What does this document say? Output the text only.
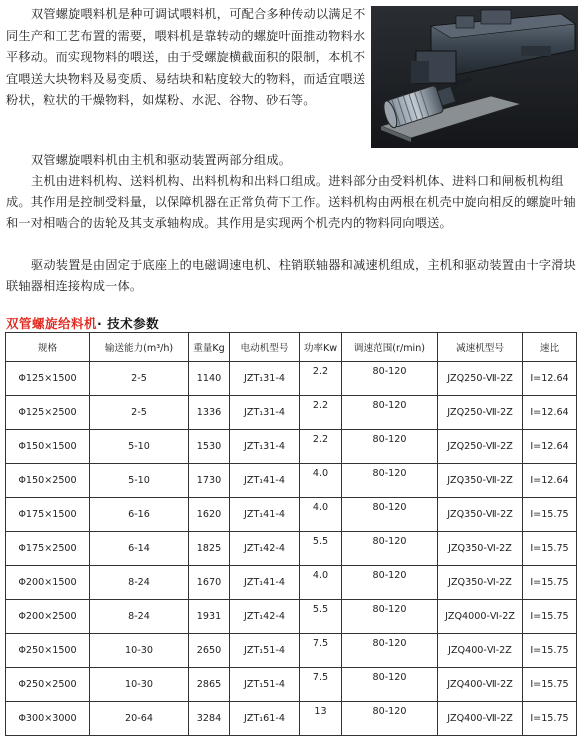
双管螺旋喂料机是种可调试喂料机，可配合多种传动以满足不同生产和工艺布置的需要，喂料机是靠转动的螺旋叶面推动物料水平移动。而实现物料的喂送，由于受螺旋横截面积的限制，本机不宜喂送大块物料及易变质、易结块和粘度较大的物料，而适宜喂送粉状，粒状的干燥物料，如煤粉、水泥、谷物、砂石等。
双管螺旋喂料机由主机和驱动装置两部分组成。
主机由进料机构、送料机构、出料机构和出料口组成。进料部分由受料机体、进料口和闸板机构组成。其作用是控制受料量，以保障机器在正常负荷下工作。送料机构由两根在机壳中旋向相反的螺旋叶轴和一对相啮合的齿轮及其支承轴构成。其作用是实现两个机壳内的物料同向喂送。
驱动装置是由固定于底座上的电磁调速电机、柱销联轴器和减速机组成，主机和驱动装置由十字滑块联轴器相连接构成一体。
双管螺旋给料机· 技术参数
规格	输送能力(m³/h)	重量Kg	电动机型号	功率Kw	调速范围(r/min)	减速机型号	速比
Φ125×1500	2-5	1140	JZT₁31-4	2.2	80-120	JZQ250-Ⅶ-2Z	I=12.64
Φ125×2500	2-5	1336	JZT₁31-4	2.2	80-120	JZQ250-Ⅶ-2Z	I=12.64
Φ150×1500	5-10	1530	JZT₁31-4	2.2	80-120	JZQ250-Ⅶ-2Z	I=12.64
Φ150×2500	5-10	1730	JZT₁41-4	4.0	80-120	JZQ350-Ⅶ-2Z	I=12.64
Φ175×1500	6-16	1620	JZT₁41-4	4.0	80-120	JZQ350-Ⅶ-2Z	I=15.75
Φ175×2500	6-14	1825	JZT₁42-4	5.5	80-120	JZQ350-Ⅵ-2Z	I=15.75
Φ200×1500	8-24	1670	JZT₁41-4	4.0	80-120	JZQ350-Ⅵ-2Z	I=15.75
Φ200×2500	8-24	1931	JZT₁42-4	5.5	80-120	JZQ4000-Ⅵ-2Z	I=15.75
Φ250×1500	10-30	2650	JZT₁51-4	7.5	80-120	JZQ400-Ⅵ-2Z	I=15.75
Φ250×2500	10-30	2865	JZT₁51-4	7.5	80-120	JZQ400-Ⅶ-2Z	I=15.75
Φ300×3000	20-64	3284	JZT₁61-4	13	80-120	JZQ400-Ⅶ-2Z	I=15.75
